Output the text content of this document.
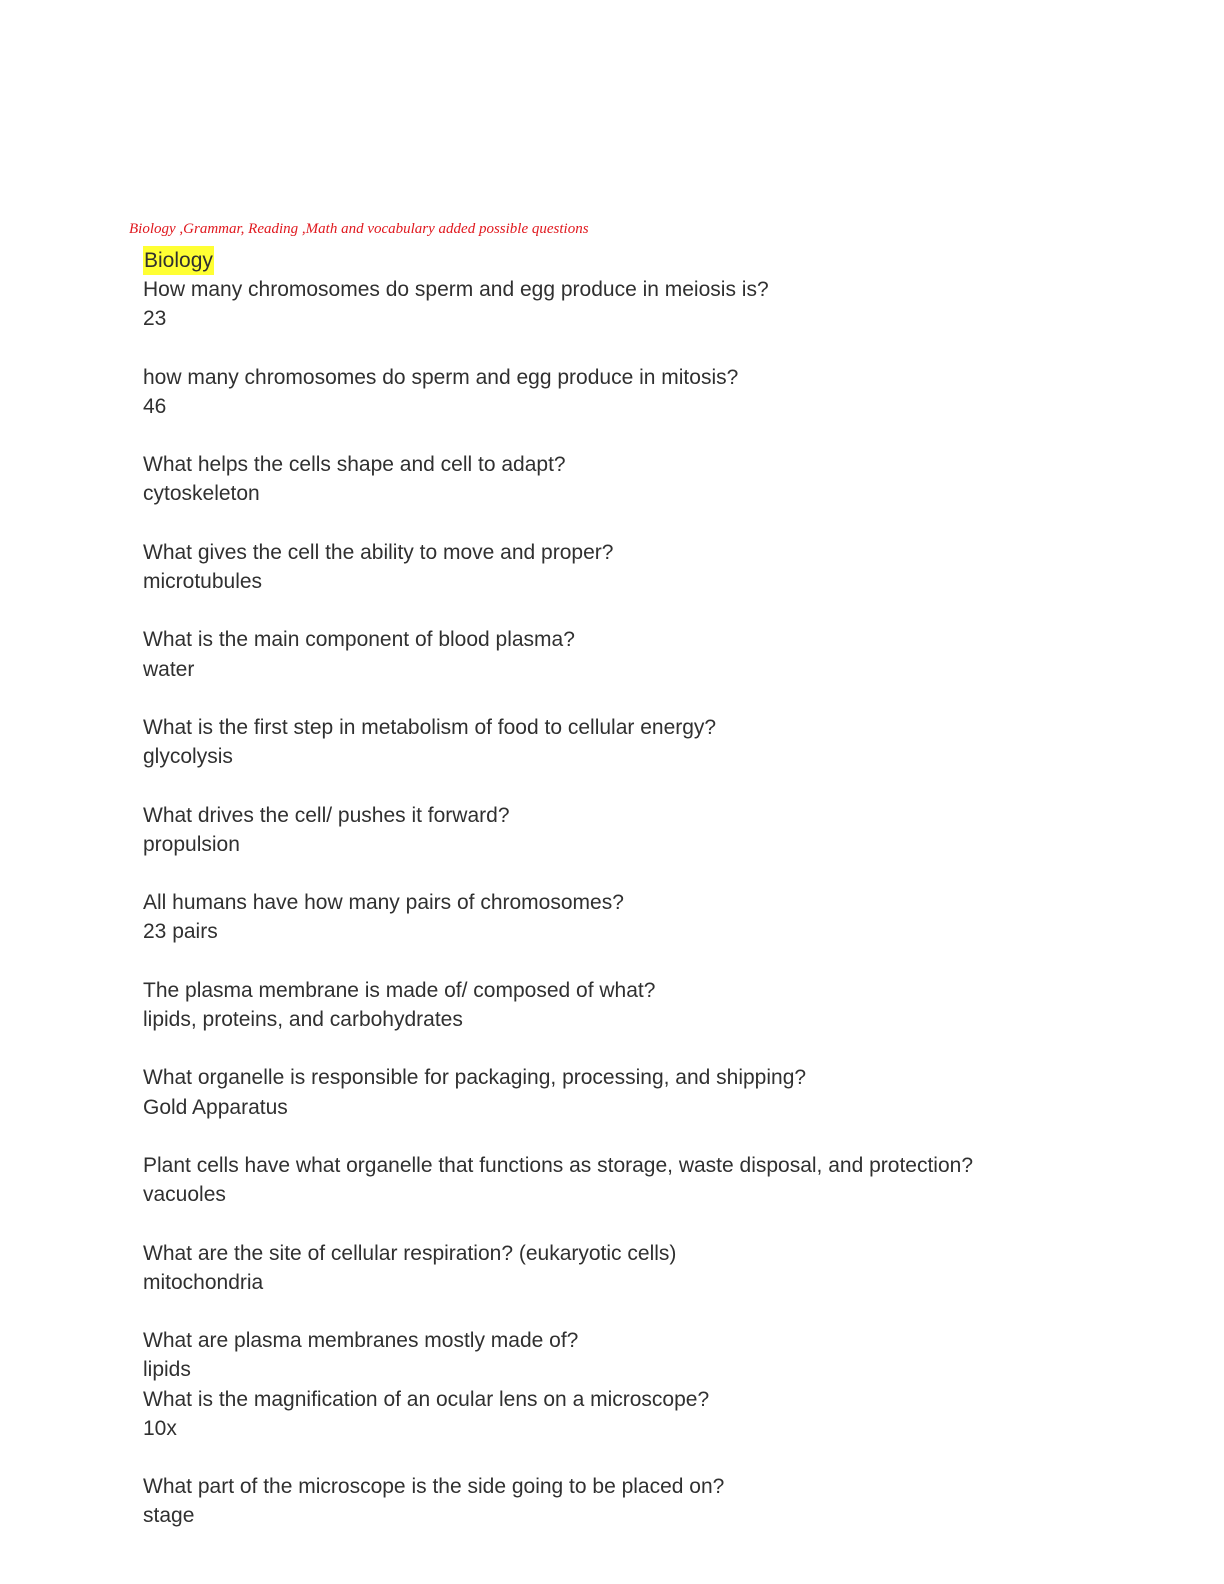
Biology ,Grammar, Reading ,Math and vocabulary added possible questions
Biology
How many chromosomes do sperm and egg produce in meiosis is?
23
how many chromosomes do sperm and egg produce in mitosis?
46
What helps the cells shape and cell to adapt?
cytoskeleton
What gives the cell the ability to move and proper?
microtubules
What is the main component of blood plasma?
water
What is the first step in metabolism of food to cellular energy?
glycolysis
What drives the cell/ pushes it forward?
propulsion
All humans have how many pairs of chromosomes?
23 pairs
The plasma membrane is made of/ composed of what?
lipids, proteins, and carbohydrates
What organelle is responsible for packaging, processing, and shipping?
Gold Apparatus
Plant cells have what organelle that functions as storage, waste disposal, and protection?
vacuoles
What are the site of cellular respiration? (eukaryotic cells)
mitochondria
What are plasma membranes mostly made of?
lipids
What is the magnification of an ocular lens on a microscope?
10x
What part of the microscope is the side going to be placed on?
stage
